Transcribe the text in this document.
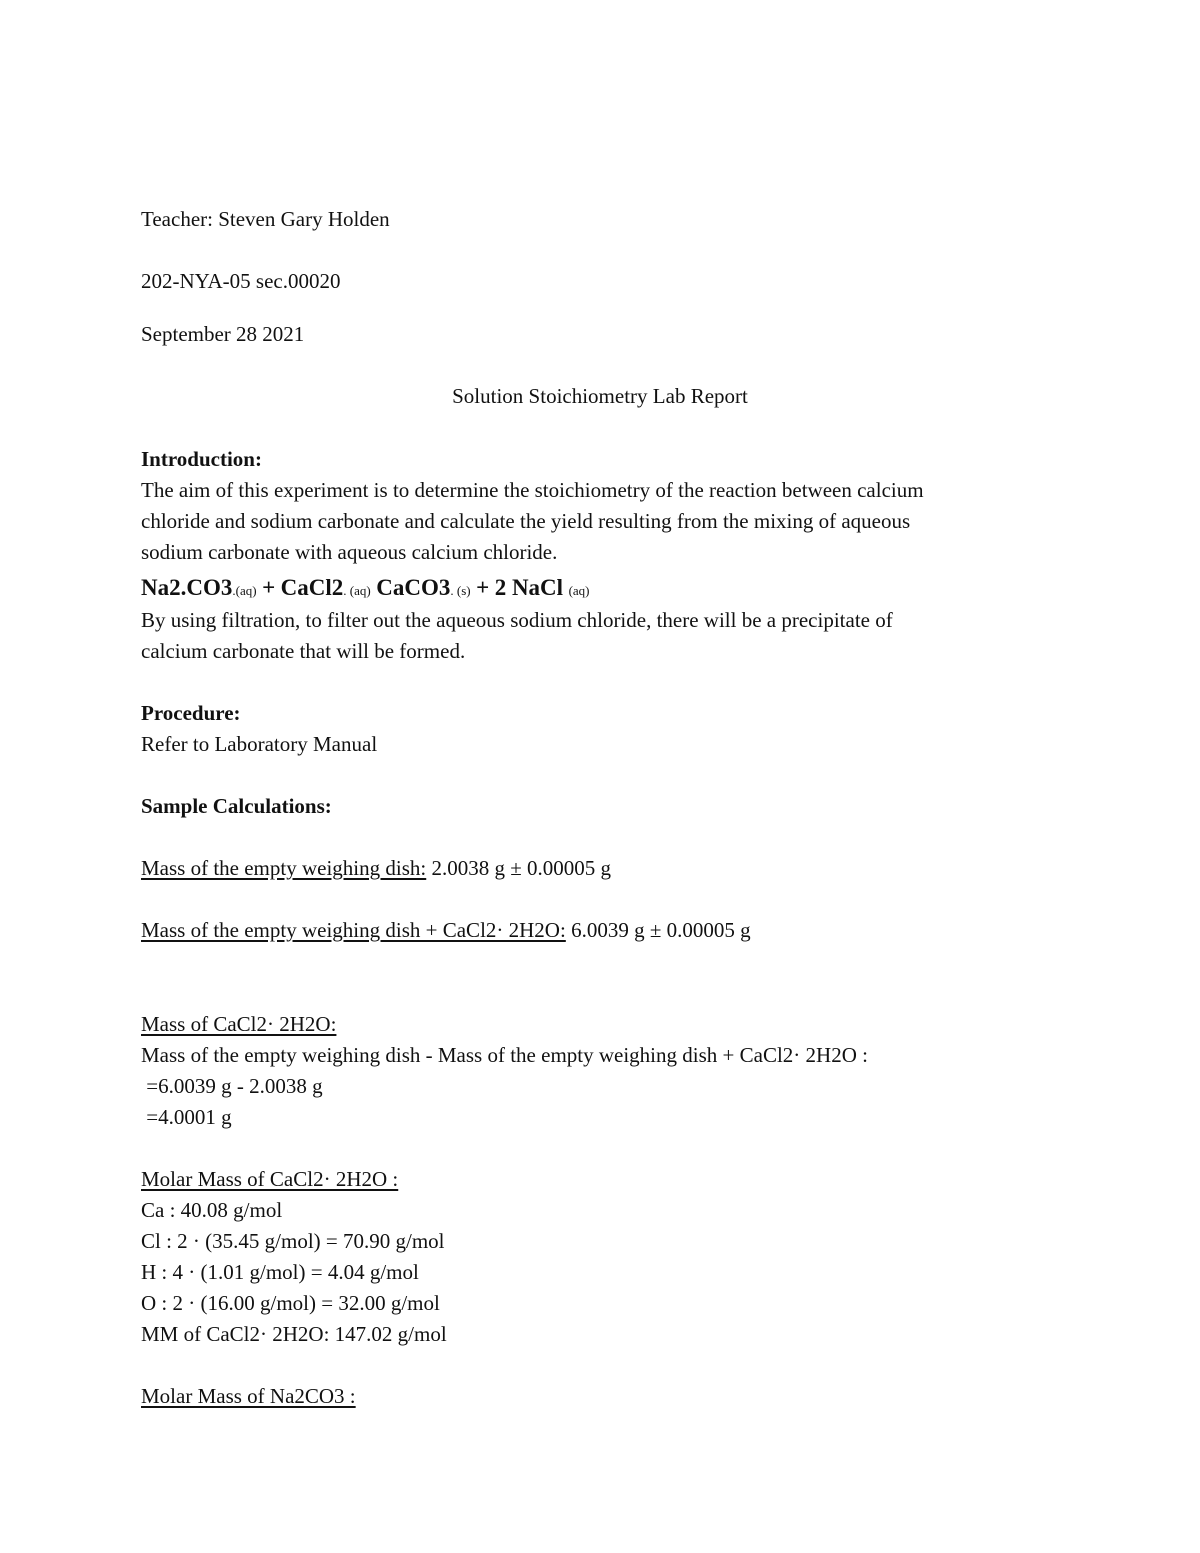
Teacher: Steven Gary Holden
202-NYA-05 sec.00020
September 28 2021
Solution Stoichiometry Lab Report
Introduction:
The aim of this experiment is to determine the stoichiometry of the reaction between calcium
chloride and sodium carbonate and calculate the yield resulting from the mixing of aqueous
sodium carbonate with aqueous calcium chloride.
Na2.CO3.(aq) + CaCl2. (aq) CaCO3. (s) + 2 NaCl (aq)
By using filtration, to filter out the aqueous sodium chloride, there will be a precipitate of
calcium carbonate that will be formed.
Procedure:
Refer to Laboratory Manual
Sample Calculations:
Mass of the empty weighing dish: 2.0038 g ± 0.00005 g
Mass of the empty weighing dish + CaCl2· 2H2O: 6.0039 g ± 0.00005 g
Mass of CaCl2· 2H2O:
Mass of the empty weighing dish - Mass of the empty weighing dish + CaCl2· 2H2O :
=6.0039 g - 2.0038 g
=4.0001 g
Molar Mass of CaCl2· 2H2O :
Ca : 40.08 g/mol
Cl : 2 · (35.45 g/mol) = 70.90 g/mol
H : 4 · (1.01 g/mol) = 4.04 g/mol
O : 2 · (16.00 g/mol) = 32.00 g/mol
MM of CaCl2· 2H2O: 147.02 g/mol
Molar Mass of Na2CO3 :
